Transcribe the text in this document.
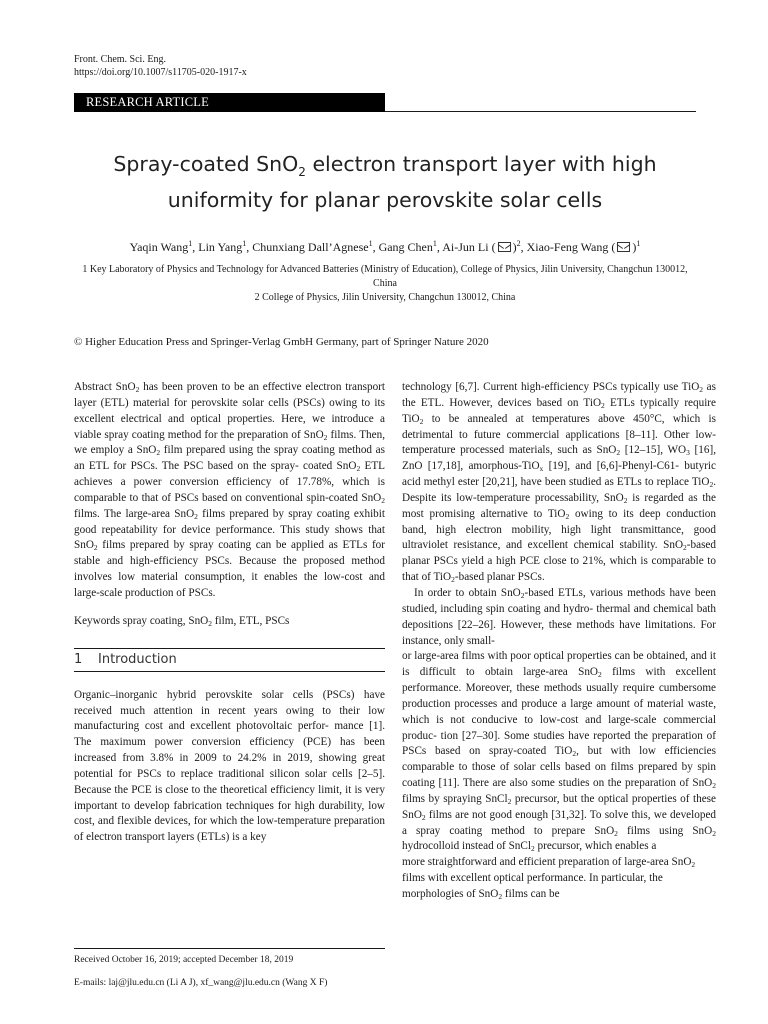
Front. Chem. Sci. Eng.
https://doi.org/10.1007/s11705-020-1917-x
RESEARCH ARTICLE
Spray-coated SnO$_2$ electron transport layer with high uniformity for planar perovskite solar cells
Yaqin Wang$^1$, Lin Yang$^1$, Chunxiang Dall’Agnese$^1$, Gang Chen$^1$, Ai-Jun Li ( )$^2$, Xiao-Feng Wang ( )$^1$
1 Key Laboratory of Physics and Technology for Advanced Batteries (Ministry of Education), College of Physics, Jilin University, Changchun 130012, China
2 College of Physics, Jilin University, Changchun 130012, China
© Higher Education Press and Springer-Verlag GmbH Germany, part of Springer Nature 2020

Abstract SnO$_2$ has been proven to be an effective electron transport layer (ETL) material for perovskite solar cells (PSCs) owing to its excellent electrical and optical properties. Here, we introduce a viable spray coating method for the preparation of SnO$_2$ films. Then, we employ a SnO$_2$ film prepared using the spray coating method as an ETL for PSCs. The PSC based on the spray- coated SnO$_2$ ETL achieves a power conversion efficiency of 17.78%, which is comparable to that of PSCs based on conventional spin-coated SnO$_2$ films. The large-area SnO$_2$ films prepared by spray coating exhibit good repeatability for device performance. This study shows that SnO$_2$ films prepared by spray coating can be applied as ETLs for stable and high-efficiency PSCs. Because the proposed method involves low material consumption, it enables the low-cost and large-scale production of PSCs.

Keywords spray coating, SnO$_2$ film, ETL, PSCs

1 Introduction

Organic–inorganic hybrid perovskite solar cells (PSCs) have received much attention in recent years owing to their low manufacturing cost and excellent photovoltaic perfor- mance [1]. The maximum power conversion efficiency (PCE) has been increased from 3.8% in 2009 to 24.2% in 2019, showing great potential for PSCs to replace traditional silicon solar cells [2–5]. Because the PCE is close to the theoretical efficiency limit, it is very important to develop fabrication techniques for high durability, low cost, and flexible devices, for which the low-temperature preparation of electron transport layers (ETLs) is a key

technology [6,7]. Current high-efficiency PSCs typically use TiO$_2$ as the ETL. However, devices based on TiO$_2$ ETLs typically require TiO$_2$ to be annealed at temperatures above 450°C, which is detrimental to future commercial applications [8–11]. Other low-temperature processed materials, such as SnO$_2$ [12–15], $WO_3$ [16], ZnO [17,18], amorphous-TiO$_x$ [19], and [6,6]-Phenyl-C61- butyric acid methyl ester [20,21], have been studied as ETLs to replace TiO$_2$. Despite its low-temperature processability, SnO$_2$ is regarded as the most promising alternative to TiO$_2$ owing to its deep conduction band, high electron mobility, high light transmittance, good ultraviolet resistance, and excellent chemical stability. SnO$_2$-based planar PSCs yield a high PCE close to 21%, which is comparable to that of TiO$_2$-based planar PSCs.

In order to obtain SnO$_2$-based ETLs, various methods have been studied, including spin coating and hydro- thermal and chemical bath depositions [22–26]. However, these methods have limitations. For instance, only small-

or large-area films with poor optical properties can be obtained, and it is difficult to obtain large-area SnO$_2$ films with excellent performance. Moreover, these methods usually require cumbersome production processes and produce a large amount of material waste, which is not conducive to low-cost and large-scale commercial produc- tion [27–30]. Some studies have reported the preparation of PSCs based on spray-coated TiO$_2$, but with low efficiencies comparable to those of solar cells based on films prepared by spin coating [11]. There are also some studies on the preparation of SnO$_2$ films by spraying SnCl$_2$ precursor, but the optical properties of these SnO$_2$ films are not good enough [31,32]. To solve this, we developed a spray coating method to prepare SnO$_2$ films using SnO$_2$ hydrocolloid instead of SnCl$_2$ precursor, which enables a

more straightforward and efficient preparation of large-area SnO$_2$ films with excellent optical performance. In particular, the morphologies of SnO$_2$ films can be

Received October 16, 2019; accepted December 18, 2019
E-mails: laj@jlu.edu.cn (Li A J), xf_wang@jlu.edu.cn (Wang X F)
